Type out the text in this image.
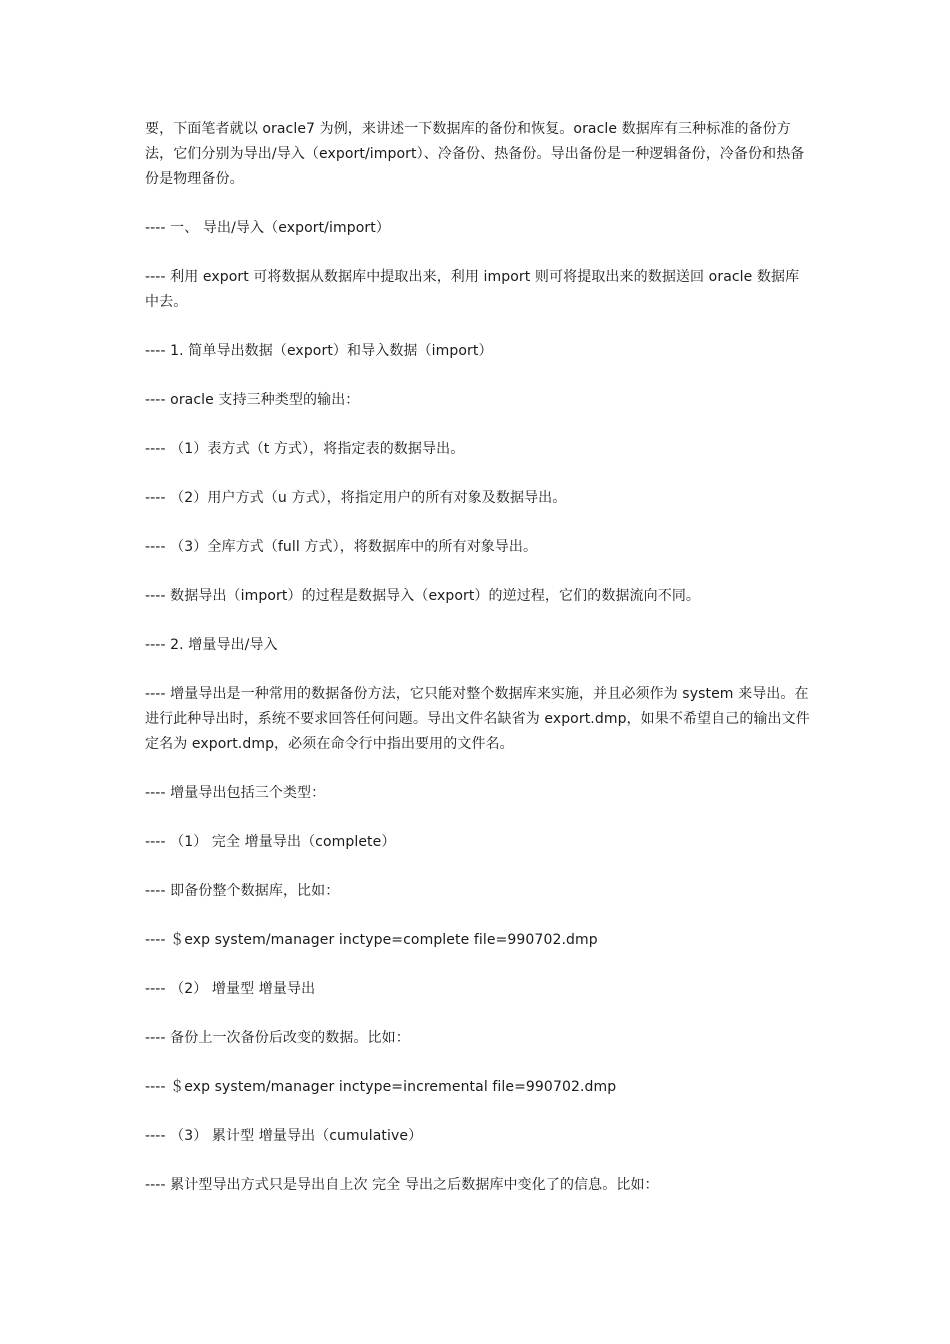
要，下面笔者就以 oracle7 为例，来讲述一下数据库的备份和恢复。oracle 数据库有三种标准的备份方法，它们分别为导出/导入（export/import）、冷备份、热备份。导出备份是一种逻辑备份，冷备份和热备份是物理备份。

---- 一、 导出/导入（export/import）

---- 利用 export 可将数据从数据库中提取出来，利用 import 则可将提取出来的数据送回 oracle 数据库中去。

---- 1. 简单导出数据（export）和导入数据（import）

---- oracle 支持三种类型的输出：

---- （1）表方式（t 方式），将指定表的数据导出。

---- （2）用户方式（u 方式），将指定用户的所有对象及数据导出。

---- （3）全库方式（full 方式），将数据库中的所有对象导出。

---- 数据导出（import）的过程是数据导入（export）的逆过程，它们的数据流向不同。

---- 2. 增量导出/导入

---- 增量导出是一种常用的数据备份方法，它只能对整个数据库来实施，并且必须作为 system 来导出。在进行此种导出时，系统不要求回答任何问题。导出文件名缺省为 export.dmp，如果不希望自己的输出文件定名为 export.dmp，必须在命令行中指出要用的文件名。

---- 增量导出包括三个类型：

---- （1） 完全 增量导出（complete）

---- 即备份整个数据库，比如：

---- ＄exp system/manager inctype=complete file=990702.dmp

---- （2） 增量型 增量导出

---- 备份上一次备份后改变的数据。比如：

---- ＄exp system/manager inctype=incremental file=990702.dmp

---- （3） 累计型 增量导出（cumulative）

---- 累计型导出方式只是导出自上次 完全 导出之后数据库中变化了的信息。比如：
